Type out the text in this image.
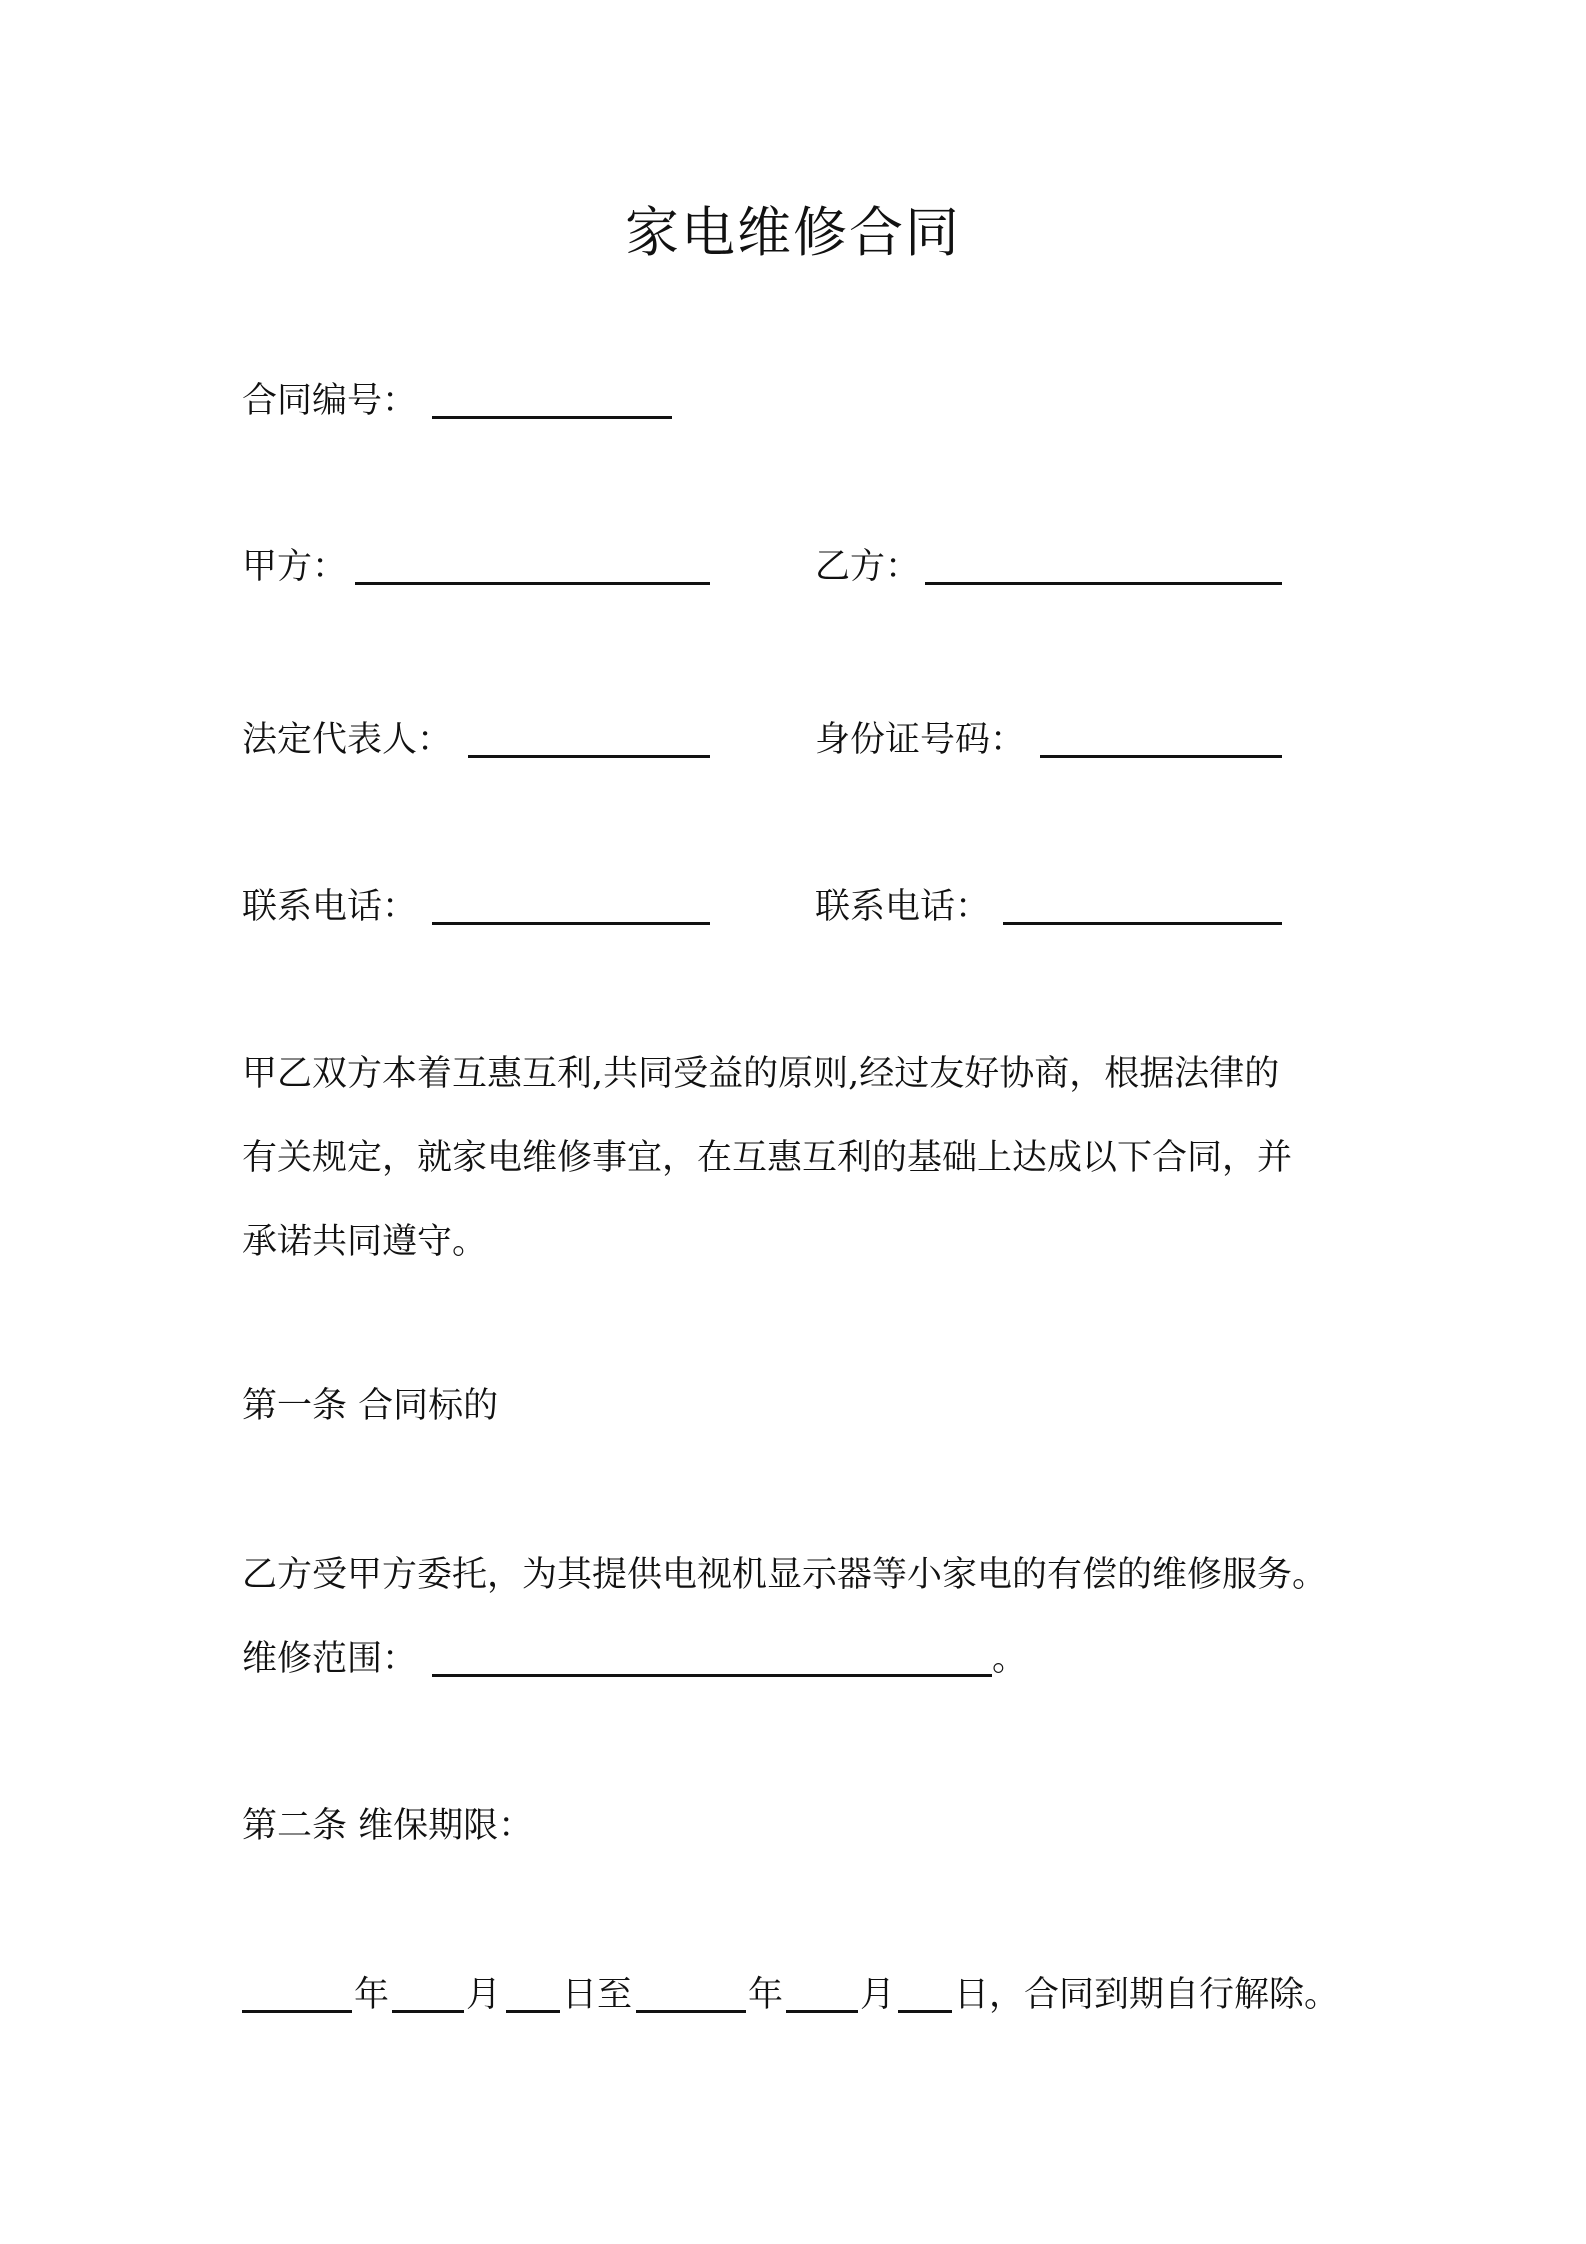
家电维修合同
合同编号：
甲方：	乙方：
法定代表人：	身份证号码：
联系电话：	联系电话：
甲乙双方本着互惠互利,共同受益的原则,经过友好协商，根据法律的
有关规定，就家电维修事宜，在互惠互利的基础上达成以下合同，并
承诺共同遵守。
第一条 合同标的
乙方受甲方委托，为其提供电视机显示器等小家电的有偿的维修服务。
维修范围：	。
第二条 维保期限：
年 月 日至	年 月 日，合同到期自行解除。
